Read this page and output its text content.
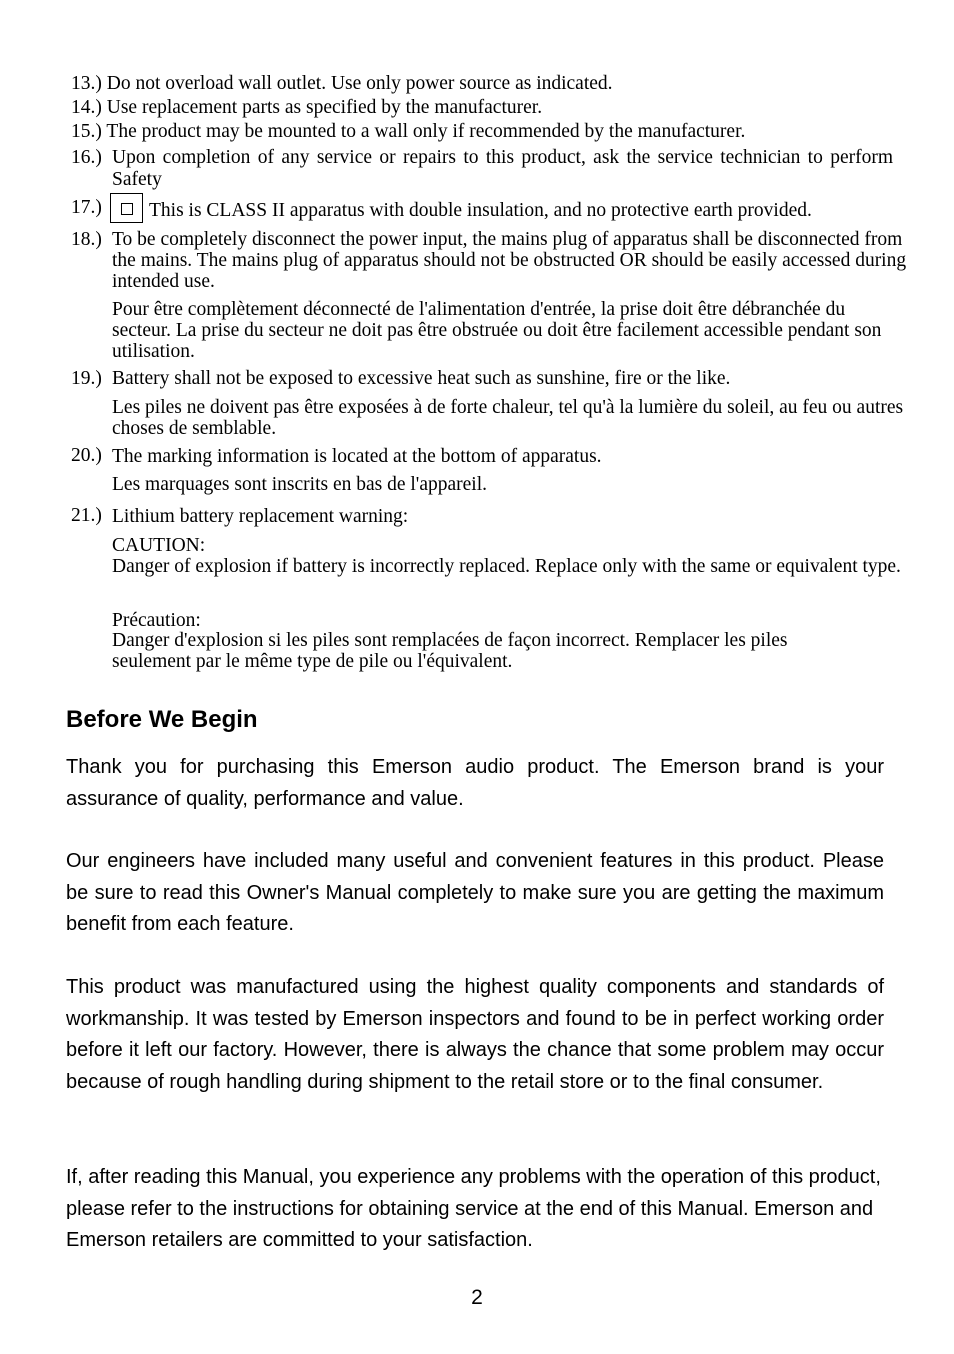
13.) Do not overload wall outlet. Use only power source as indicated.
14.) Use replacement parts as specified by the manufacturer.
15.) The product may be mounted to a wall only if recommended by the manufacturer.
16.) Upon completion of any service or repairs to this product, ask the service technician to perform Safety
17.) This is CLASS II apparatus with double insulation, and no protective earth provided.
18.) To be completely disconnect the power input, the mains plug of apparatus shall be disconnected from the mains. The mains plug of apparatus should not be obstructed OR should be easily accessed during intended use.
Pour être complètement déconnecté de l'alimentation d'entrée, la prise doit être débranchée du secteur. La prise du secteur ne doit pas être obstruée ou doit être facilement accessible pendant son utilisation.
19.) Battery shall not be exposed to excessive heat such as sunshine, fire or the like.
Les piles ne doivent pas être exposées à de forte chaleur, tel qu'à la lumière du soleil, au feu ou autres choses de semblable.
20.) The marking information is located at the bottom of apparatus.
Les marquages sont inscrits en bas de l'appareil.
21.) Lithium battery replacement warning:
CAUTION:
Danger of explosion if battery is incorrectly replaced. Replace only with the same or equivalent type.
Précaution:
Danger d'explosion si les piles sont remplacées de façon incorrect. Remplacer les piles seulement par le même type de pile ou l'équivalent.
Before We Begin
Thank you for purchasing this Emerson audio product. The Emerson brand is your assurance of quality, performance and value.
Our engineers have included many useful and convenient features in this product. Please be sure to read this Owner's Manual completely to make sure you are getting the maximum benefit from each feature.
This product was manufactured using the highest quality components and standards of workmanship. It was tested by Emerson inspectors and found to be in perfect working order before it left our factory. However, there is always the chance that some problem may occur because of rough handling during shipment to the retail store or to the final consumer.
If, after reading this Manual, you experience any problems with the operation of this product, please refer to the instructions for obtaining service at the end of this Manual. Emerson and Emerson retailers are committed to your satisfaction.
2
